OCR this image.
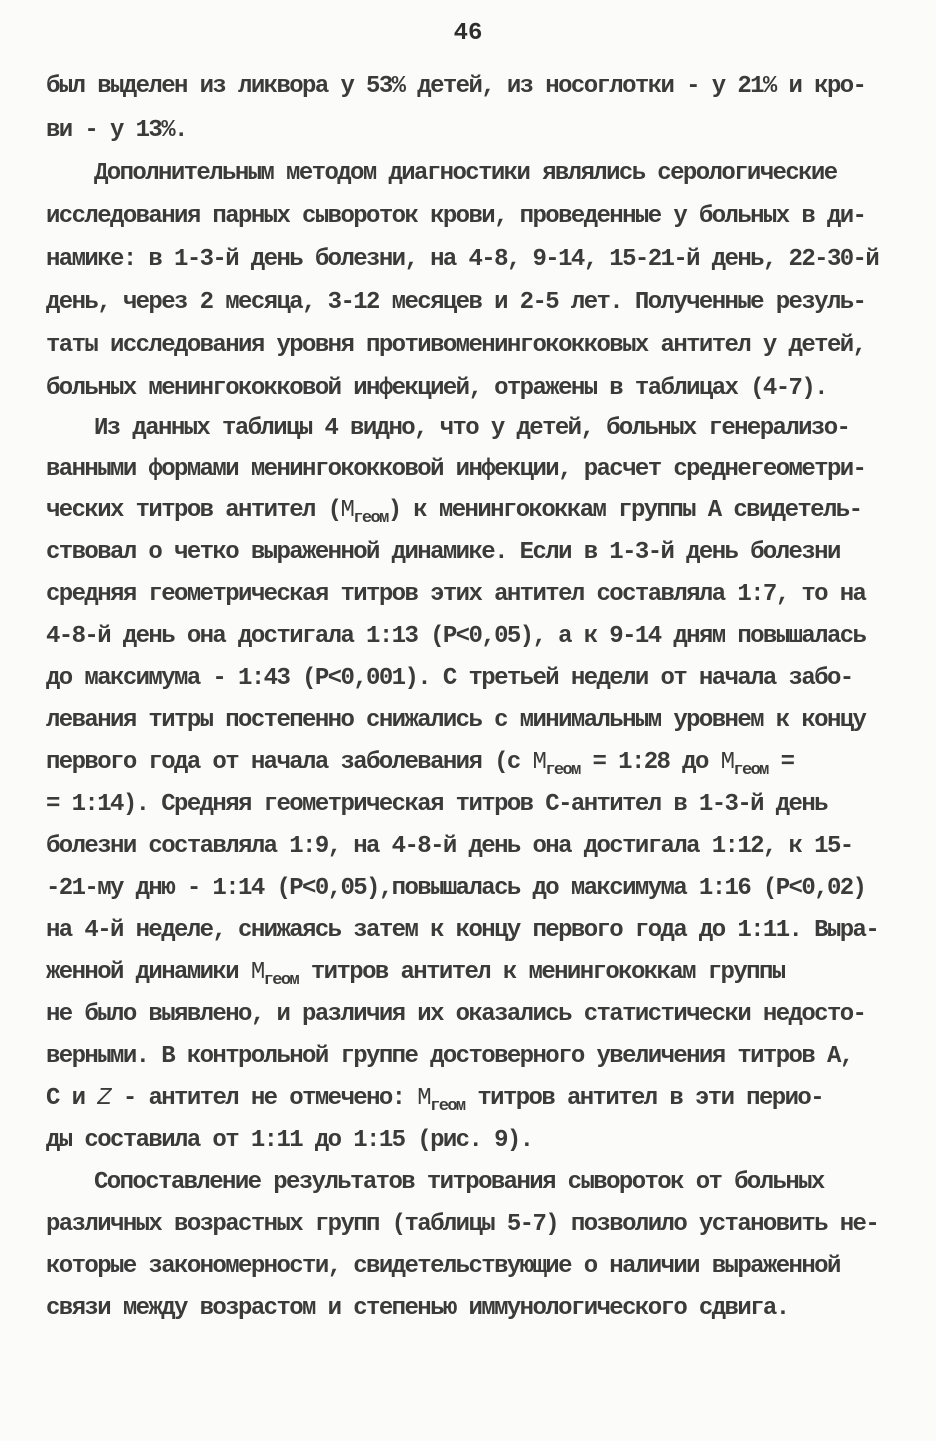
46
был выделен из ликвора у 53% детей, из носоглотки - у 21% и кро-
ви - у 13%.
Дополнительным методом диагностики являлись серологические
исследования парных сывороток крови, проведенные у больных в ди-
намике: в 1-3-й день болезни, на 4-8, 9-14, 15-21-й день, 22-30-й
день, через 2 месяца, 3-12 месяцев и 2-5 лет. Полученные резуль-
таты исследования уровня противоменингококковых антител у детей,
больных менингококковой инфекцией, отражены в таблицах (4-7).
Из данных таблицы 4 видно, что у детей, больных генерализо-
ванными формами менингококковой инфекции, расчет среднегеометри-
ческих титров антител $(M_{геом})$ к менингококкам группы А свидетель-
ствовал о четко выраженной динамике. Если в 1-3-й день болезни
средняя геометрическая титров этих антител составляла 1:7, то на
4-8-й день она достигала 1:13 (Р<0,05), а к 9-14 дням повышалась
до максимума - 1:43 (Р<0,001). С третьей недели от начала забо-
левания титры постепенно снижались с минимальным уровнем к концу
первого года от начала заболевания (с $M_{геом}$ = 1:28 до $M_{геом}$ =
= 1:14). Средняя геометрическая титров С-антител в 1-3-й день
болезни составляла 1:9, на 4-8-й день она достигала 1:12, к 15-
-21-му дню - 1:14 (Р<0,05),повышалась до максимума 1:16 (Р<0,02)
на 4-й неделе, снижаясь затем к концу первого года до 1:11. Выра-
женной динамики $M_{геом}$ титров антител к менингококкам группы
не было выявлено, и различия их оказались статистически недосто-
верными. В контрольной группе достоверного увеличения титров А,
С и Z - антител не отмечено: $M_{геом}$ титров антител в эти перио-
ды составила от 1:11 до 1:15 (рис. 9).
Сопоставление результатов титрования сывороток от больных
различных возрастных групп (таблицы 5-7) позволило установить не-
которые закономерности, свидетельствующие о наличии выраженной
связи между возрастом и степенью иммунологического сдвига.
